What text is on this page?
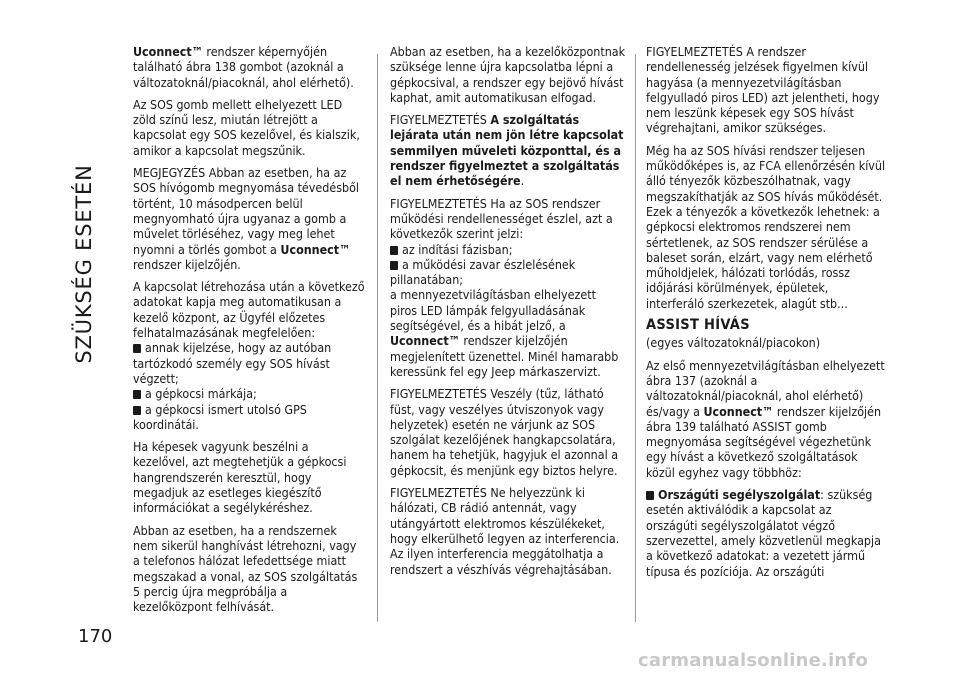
SZÜKSÉG ESETÉN
170

Uconnect™ rendszer képernyőjén található ábra 138 gombot (azoknál a változatoknál/piacoknál, ahol elérhető).

Az SOS gomb mellett elhelyezett LED zöld színű lesz, miután létrejött a kapcsolat egy SOS kezelővel, és kialszik, amikor a kapcsolat megszűnik.

MEGJEGYZÉS Abban az esetben, ha az SOS hívógomb megnyomása tévedésből történt, 10 másodpercen belül megnyomható újra ugyanaz a gomb a művelet törléséhez, vagy meg lehet nyomni a törlés gombot a Uconnect™ rendszer kijelzőjén.

A kapcsolat létrehozása után a következő adatokat kapja meg automatikusan a kezelő központ, az Ügyfél előzetes felhatalmazásának megfelelően:

annak kijelzése, hogy az autóban tartózkodó személy egy SOS hívást végzett;
a gépkocsi márkája;

a gépkocsi ismert utolsó GPS koordinátái.

Ha képesek vagyunk beszélni a kezelővel, azt megtehetjük a gépkocsi hangrendszerén keresztül, hogy megadjuk az esetleges kiegészítő információkat a segélykéréshez.

Abban az esetben, ha a rendszernek nem sikerül hanghívást létrehozni, vagy a telefonos hálózat lefedettsége miatt megszakad a vonal, az SOS szolgáltatás 5 percig újra megpróbálja a kezelőközpont felhívását.

Abban az esetben, ha a kezelőközpontnak szüksége lenne újra kapcsolatba lépni a gépkocsival, a rendszer egy bejövő hívást kaphat, amit automatikusan elfogad.

FIGYELMEZTETÉS A szolgáltatás lejárata után nem jön létre kapcsolat semmilyen műveleti központtal, és a rendszer figyelmeztet a szolgáltatás el nem érhetőségére.

FIGYELMEZTETÉS Ha az SOS rendszer működési rendellenességet észlel, azt a következők szerint jelzi:

az indítási fázisban;
a működési zavar észlelésének pillanatában;

a mennyezetvilágításban elhelyezett piros LED lámpák felgyulladásának segítségével, és a hibát jelző, a Uconnect™ rendszer kijelzőjén megjelenített üzenettel. Minél hamarabb keressünk fel egy Jeep márkaszervizt.

FIGYELMEZTETÉS Veszély (tűz, látható füst, vagy veszélyes útviszonyok vagy helyzetek) esetén ne várjunk az SOS szolgálat kezelőjének hangkapcsolatára, hanem ha tehetjük, hagyjuk el azonnal a gépkocsit, és menjünk egy biztos helyre.

FIGYELMEZTETÉS Ne helyezzünk ki hálózati, CB rádió antennát, vagy utángyártott elektromos készülékeket, hogy elkerülhető legyen az interferencia. Az ilyen interferencia meggátolhatja a rendszert a vészhívás végrehajtásában.

FIGYELMEZTETÉS A rendszer rendellenesség jelzések figyelmen kívül hagyása (a mennyezetvilágításban felgyulladó piros LED) azt jelentheti, hogy nem leszünk képesek egy SOS hívást végrehajtani, amikor szükséges.

Még ha az SOS hívási rendszer teljesen működőképes is, az FCA ellenőrzésén kívül álló tényezők közbeszólhatnak, vagy megszakíthatják az SOS hívás működését. Ezek a tényezők a következők lehetnek: a gépkocsi elektromos rendszerei nem sértetlenek, az SOS rendszer sérülése a baleset során, elzárt, vagy nem elérhető műholdjelek, hálózati torlódás, rossz időjárási körülmények, épületek, interferáló szerkezetek, alagút stb...

ASSIST HÍVÁS

(egyes változatoknál/piacokon)

Az első mennyezetvilágításban elhelyezett ábra 137 (azoknál a változatoknál/piacoknál, ahol elérhető) és/vagy a Uconnect™ rendszer kijelzőjén ábra 139 található ASSIST gomb megnyomása segítségével végezhetünk egy hívást a következő szolgáltatások közül egyhez vagy többhöz:

Országúti segélyszolgálat: szükség esetén aktiválódik a kapcsolat az országúti segélyszolgálatot végző szervezettel, amely közvetlenül megkapja a következő adatokat: a vezetett jármű típusa és pozíciója. Az országúti
carmanualsonline.info
